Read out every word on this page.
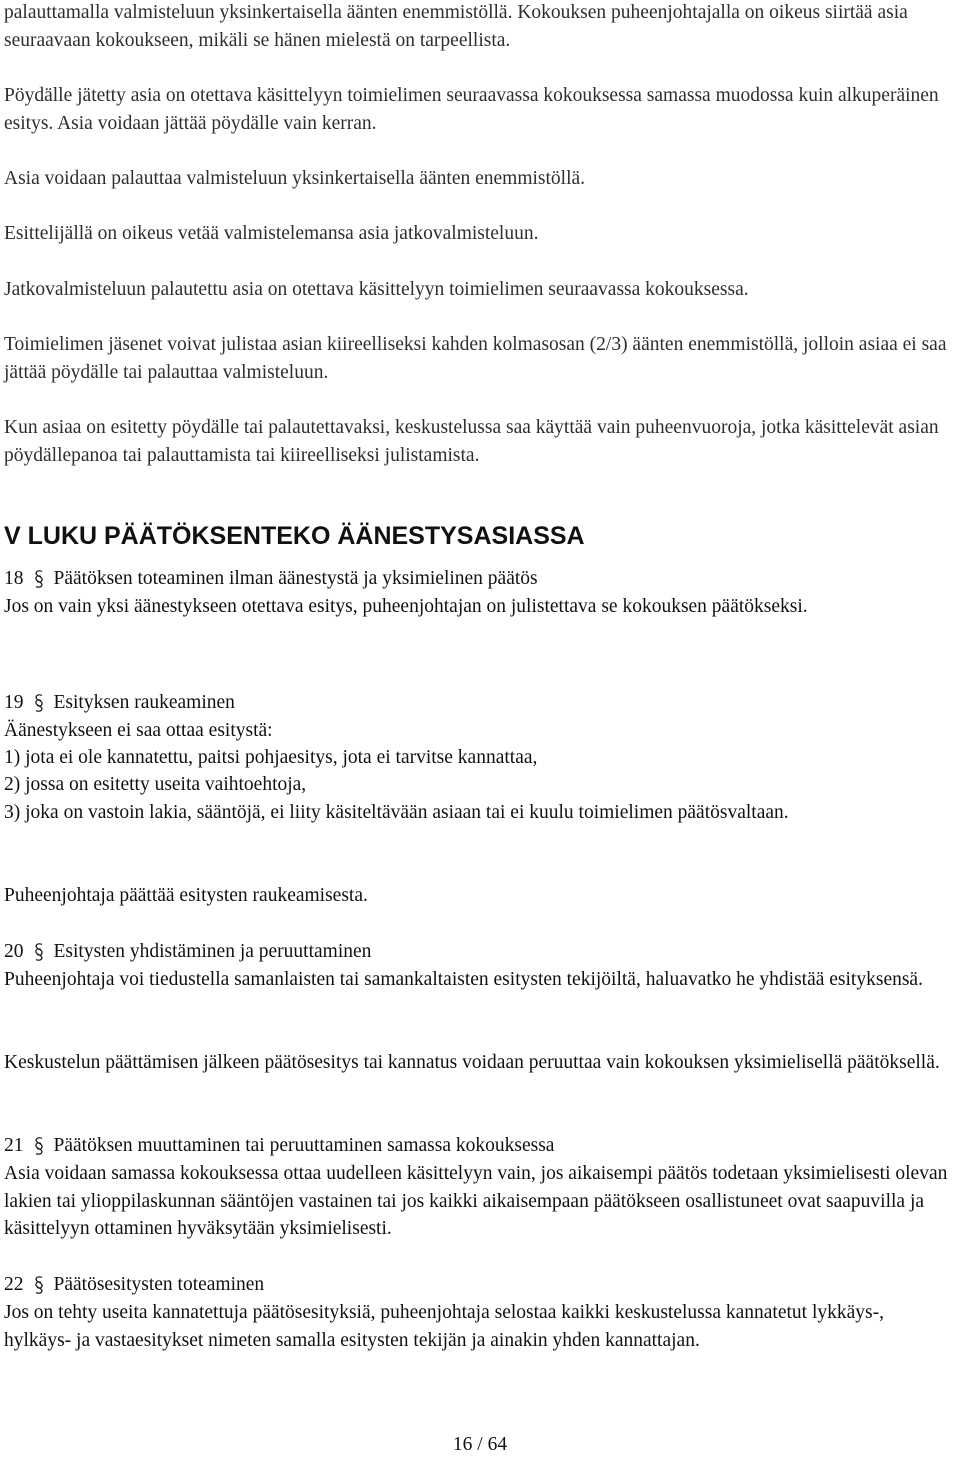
palauttamalla valmisteluun yksinkertaisella äänten enemmistöllä. Kokouksen puheenjohtajalla on oikeus siirtää asia seuraavaan kokoukseen, mikäli se hänen mielestä on tarpeellista.

Pöydälle jätetty asia on otettava käsittelyyn toimielimen seuraavassa kokouksessa samassa muodossa kuin alkuperäinen esitys. Asia voidaan jättää pöydälle vain kerran.

Asia voidaan palauttaa valmisteluun yksinkertaisella äänten enemmistöllä.

Esittelijällä on oikeus vetää valmistelemansa asia jatkovalmisteluun.

Jatkovalmisteluun palautettu asia on otettava käsittelyyn toimielimen seuraavassa kokouksessa.

Toimielimen jäsenet voivat julistaa asian kiireelliseksi kahden kolmasosan (2/3) äänten enemmistöllä, jolloin asiaa ei saa jättää pöydälle tai palauttaa valmisteluun.

Kun asiaa on esitetty pöydälle tai palautettavaksi, keskustelussa saa käyttää vain puheenvuoroja, jotka käsittelevät asian pöydällepanoa tai palauttamista tai kiireelliseksi julistamista.

V LUKU PÄÄTÖKSENTEKO ÄÄNESTYSASIASSA
18 Päätöksen toteaminen ilman äänestystä ja yksimielinen päätös

Jos on vain yksi äänestykseen otettava esitys, puheenjohtajan on julistettava se kokouksen päätökseksi.

19 Esityksen raukeaminen

Äänestykseen ei saa ottaa esitystä:

1) jota ei ole kannatettu, paitsi pohjaesitys, jota ei tarvitse kannattaa,

2) jossa on esitetty useita vaihtoehtoja,

3) joka on vastoin lakia, sääntöjä, ei liity käsiteltävään asiaan tai ei kuulu toimielimen päätösvaltaan.

Puheenjohtaja päättää esitysten raukeamisesta.

20 Esitysten yhdistäminen ja peruuttaminen

Puheenjohtaja voi tiedustella samanlaisten tai samankaltaisten esitysten tekijöiltä, haluavatko he yhdistää esityksensä.

Keskustelun päättämisen jälkeen päätösesitys tai kannatus voidaan peruuttaa vain kokouksen yksimielisellä päätöksellä.

21 Päätöksen muuttaminen tai peruuttaminen samassa kokouksessa

Asia voidaan samassa kokouksessa ottaa uudelleen käsittelyyn vain, jos aikaisempi päätös todetaan yksimielisesti olevan lakien tai ylioppilaskunnan sääntöjen vastainen tai jos kaikki aikaisempaan päätökseen osallistuneet ovat saapuvilla ja käsittelyyn ottaminen hyväksytään yksimielisesti.

22 Päätösesitysten toteaminen

Jos on tehty useita kannatettuja päätösesityksiä, puheenjohtaja selostaa kaikki keskustelussa kannatetut lykkäys-, hylkäys- ja vastaesitykset nimeten samalla esitysten tekijän ja ainakin yhden kannattajan.

16 / 64
